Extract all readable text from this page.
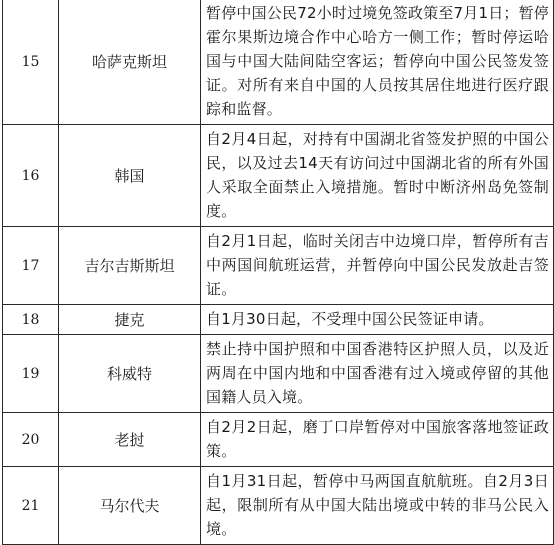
15	哈萨克斯坦	暂停中国公民72小时过境免签政策至7月1日；暂停霍尔果斯边境合作中心哈方一侧工作；暂时停运哈国与中国大陆间陆空客运；暂停向中国公民签发签证。对所有来自中国的人员按其居住地进行医疗跟踪和监督。
16	韩国	自2月4日起，对持有中国湖北省签发护照的中国公民，以及过去14天有访问过中国湖北省的所有外国人采取全面禁止入境措施。暂时中断济州岛免签制度。
17	吉尔吉斯斯坦	自2月1日起，临时关闭吉中边境口岸，暂停所有吉中两国间航班运营，并暂停向中国公民发放赴吉签证。
18	捷克	自1月30日起，不受理中国公民签证申请。
19	科威特	禁止持中国护照和中国香港特区护照人员，以及近两周在中国内地和中国香港有过入境或停留的其他国籍人员入境。
20	老挝	自2月2日起，磨丁口岸暂停对中国旅客落地签证政策。
21	马尔代夫	自1月31日起，暂停中马两国直航航班。自2月3日起，限制所有从中国大陆出境或中转的非马公民入境。
